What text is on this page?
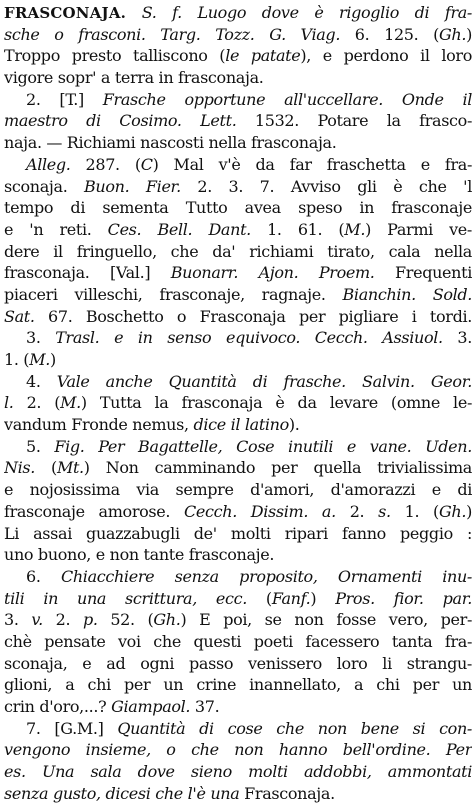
FRASCONAJA. S. f. Luogo dove è rigoglio di fra-
sche o frasconi. Targ. Tozz. G. Viag. 6. 125. (Gh.)
Troppo presto talliscono (le patate), e perdono il loro
vigore sopr' a terra in frasconaja.
2. [T.] Frasche opportune all'uccellare. Onde il
maestro di Cosimo. Lett. 1532. Potare la frasco-
naja. — Richiami nascosti nella frasconaja.
Alleg. 287. (C) Mal v'è da far fraschetta e fra-
sconaja. Buon. Fier. 2. 3. 7. Avviso gli è che 'l
tempo di sementa Tutto avea speso in frasconaje
e 'n reti. Ces. Bell. Dant. 1. 61. (M.) Parmi ve-
dere il fringuello, che da' richiami tirato, cala nella
frasconaja. [Val.] Buonarr. Ajon. Proem. Frequenti
piaceri villeschi, frasconaje, ragnaje. Bianchin. Sold.
Sat. 67. Boschetto o Frasconaja per pigliare i tordi.
3. Trasl. e in senso equivoco. Cecch. Assiuol. 3.
1. (M.)
4. Vale anche Quantità di frasche. Salvin. Geor.
l. 2. (M.) Tutta la frasconaja è da levare (omne le-
vandum Fronde nemus, dice il latino).
5. Fig. Per Bagattelle, Cose inutili e vane. Uden.
Nis. (Mt.) Non camminando per quella trivialissima
e nojosissima via sempre d'amori, d'amorazzi e di
frasconaje amorose. Cecch. Dissim. a. 2. s. 1. (Gh.)
Li assai guazzabugli de' molti ripari fanno peggio :
uno buono, e non tante frasconaje.
6. Chiacchiere senza proposito, Ornamenti inu-
tili in una scrittura, ecc. (Fanf.) Pros. fior. par.
3. v. 2. p. 52. (Gh.) E poi, se non fosse vero, per-
chè pensate voi che questi poeti facessero tanta fra-
sconaja, e ad ogni passo venissero loro li strangu-
glioni, a chi per un crine inannellato, a chi per un
crin d'oro,...? Giampaol. 37.
7. [G.M.] Quantità di cose che non bene si con-
vengono insieme, o che non hanno bell'ordine. Per
es. Una sala dove sieno molti addobbi, ammontati
senza gusto, dicesi che l'è una Frasconaja.
